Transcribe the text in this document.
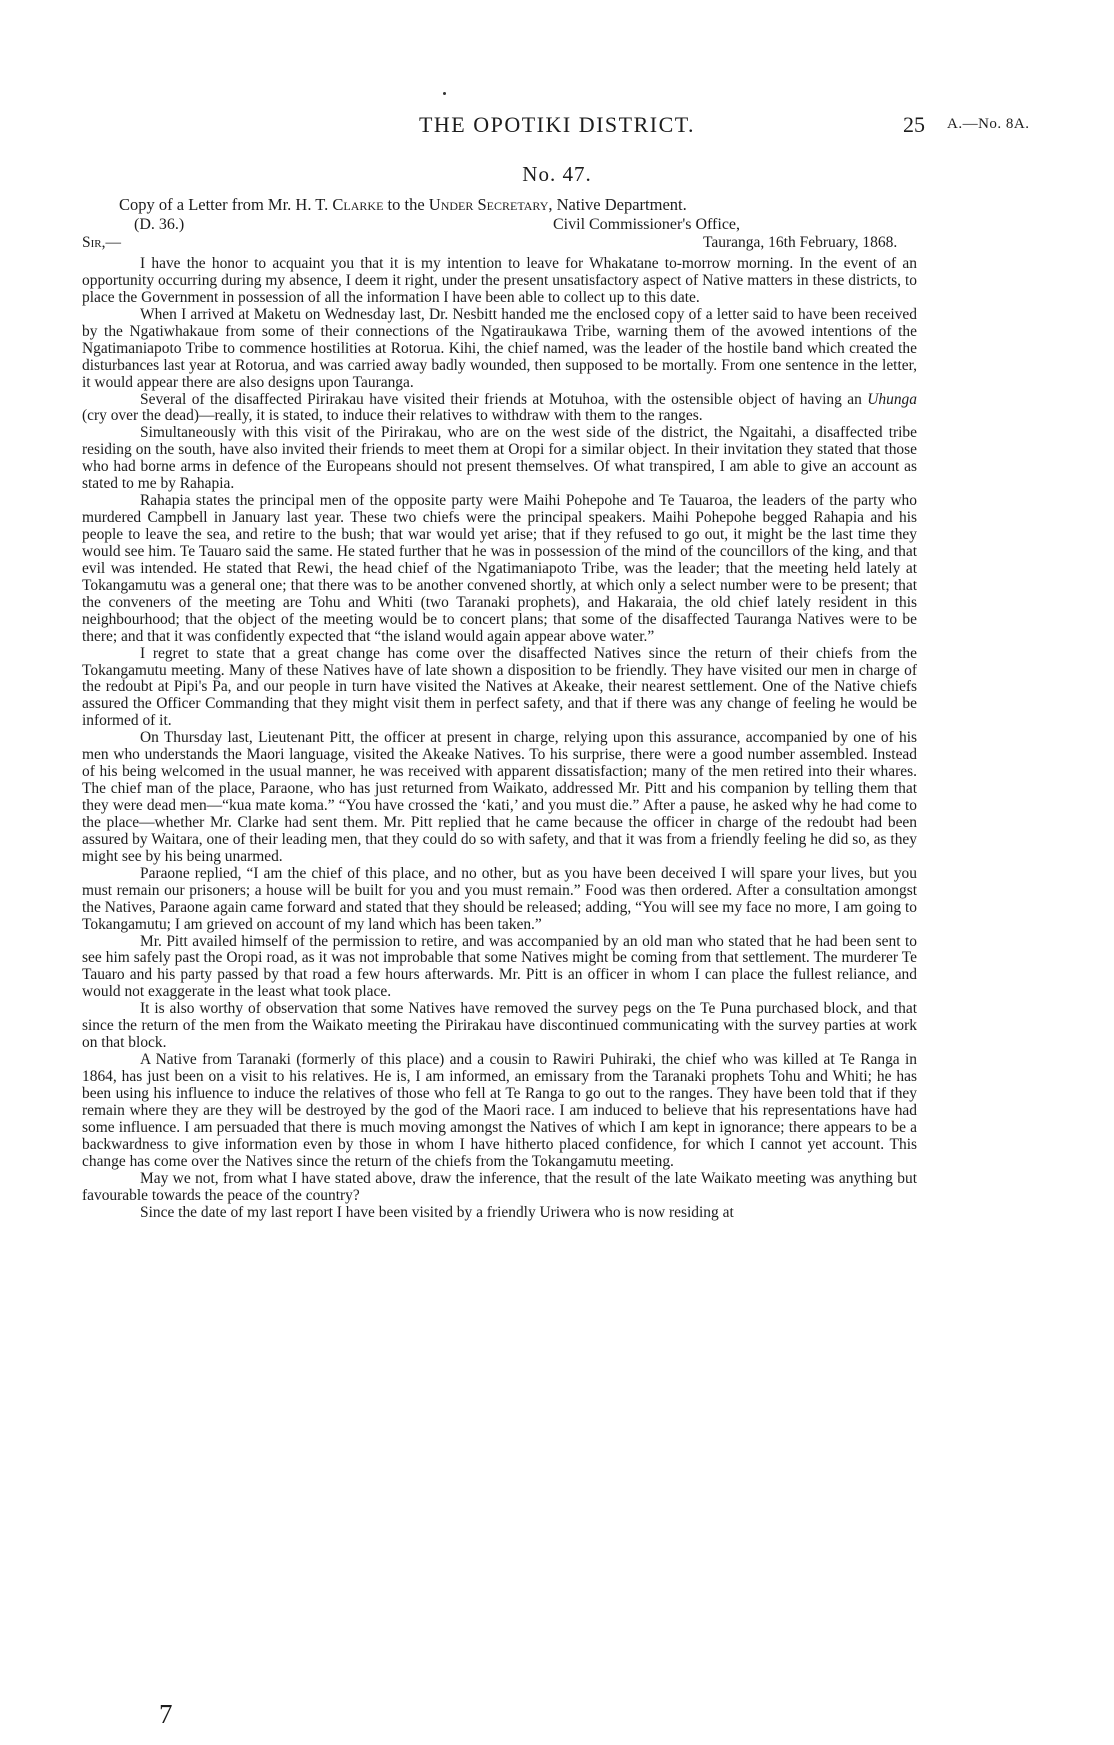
THE OPOTIKI DISTRICT.	25 A.—No. 8A.
No. 47.
Copy of a Letter from Mr. H. T. Clarke to the Under Secretary, Native Department.
(D. 36.)	Civil Commissioner's Office,
Sir,—	Tauranga, 16th February, 1868.

I have the honor to acquaint you that it is my intention to leave for Whakatane to-morrow morning. In the event of an opportunity occurring during my absence, I deem it right, under the present unsatisfactory aspect of Native matters in these districts, to place the Government in possession of all the information I have been able to collect up to this date.

When I arrived at Maketu on Wednesday last, Dr. Nesbitt handed me the enclosed copy of a letter said to have been received by the Ngatiwhakaue from some of their connections of the Ngatiraukawa Tribe, warning them of the avowed intentions of the Ngatimaniapoto Tribe to commence hostilities at Rotorua. Kihi, the chief named, was the leader of the hostile band which created the disturbances last year at Rotorua, and was carried away badly wounded, then supposed to be mortally. From one sentence in the letter, it would appear there are also designs upon Tauranga.

Several of the disaffected Pirirakau have visited their friends at Motuhoa, with the ostensible object of having an Uhunga (cry over the dead)—really, it is stated, to induce their relatives to withdraw with them to the ranges.

Simultaneously with this visit of the Pirirakau, who are on the west side of the district, the Ngaitahi, a disaffected tribe residing on the south, have also invited their friends to meet them at Oropi for a similar object. In their invitation they stated that those who had borne arms in defence of the Europeans should not present themselves. Of what transpired, I am able to give an account as stated to me by Rahapia.

Rahapia states the principal men of the opposite party were Maihi Pohepohe and Te Tauaroa, the leaders of the party who murdered Campbell in January last year. These two chiefs were the principal speakers. Maihi Pohepohe begged Rahapia and his people to leave the sea, and retire to the bush; that war would yet arise; that if they refused to go out, it might be the last time they would see him. Te Tauaro said the same. He stated further that he was in possession of the mind of the councillors of the king, and that evil was intended. He stated that Rewi, the head chief of the Ngatimaniapoto Tribe, was the leader; that the meeting held lately at Tokangamutu was a general one; that there was to be another convened shortly, at which only a select number were to be present; that the conveners of the meeting are Tohu and Whiti (two Taranaki prophets), and Hakaraia, the old chief lately resident in this neighbourhood; that the object of the meeting would be to concert plans; that some of the disaffected Tauranga Natives were to be there; and that it was confidently expected that “the island would again appear above water.”

I regret to state that a great change has come over the disaffected Natives since the return of their chiefs from the Tokangamutu meeting. Many of these Natives have of late shown a disposition to be friendly. They have visited our men in charge of the redoubt at Pipi's Pa, and our people in turn have visited the Natives at Akeake, their nearest settlement. One of the Native chiefs assured the Officer Commanding that they might visit them in perfect safety, and that if there was any change of feeling he would be informed of it.

On Thursday last, Lieutenant Pitt, the officer at present in charge, relying upon this assurance, accompanied by one of his men who understands the Maori language, visited the Akeake Natives. To his surprise, there were a good number assembled. Instead of his being welcomed in the usual manner, he was received with apparent dissatisfaction; many of the men retired into their whares. The chief man of the place, Paraone, who has just returned from Waikato, addressed Mr. Pitt and his companion by telling them that they were dead men—“kua mate koma.” “You have crossed the ‘kati,’ and you must die.” After a pause, he asked why he had come to the place—whether Mr. Clarke had sent them. Mr. Pitt replied that he came because the officer in charge of the redoubt had been assured by Waitara, one of their leading men, that they could do so with safety, and that it was from a friendly feeling he did so, as they might see by his being unarmed.

Paraone replied, “I am the chief of this place, and no other, but as you have been deceived I will spare your lives, but you must remain our prisoners; a house will be built for you and you must remain.” Food was then ordered. After a consultation amongst the Natives, Paraone again came forward and stated that they should be released; adding, “You will see my face no more, I am going to Tokangamutu; I am grieved on account of my land which has been taken.”

Mr. Pitt availed himself of the permission to retire, and was accompanied by an old man who stated that he had been sent to see him safely past the Oropi road, as it was not improbable that some Natives might be coming from that settlement. The murderer Te Tauaro and his party passed by that road a few hours afterwards. Mr. Pitt is an officer in whom I can place the fullest reliance, and would not exaggerate in the least what took place.

It is also worthy of observation that some Natives have removed the survey pegs on the Te Puna purchased block, and that since the return of the men from the Waikato meeting the Pirirakau have discontinued communicating with the survey parties at work on that block.

A Native from Taranaki (formerly of this place) and a cousin to Rawiri Puhiraki, the chief who was killed at Te Ranga in 1864, has just been on a visit to his relatives. He is, I am informed, an emissary from the Taranaki prophets Tohu and Whiti; he has been using his influence to induce the relatives of those who fell at Te Ranga to go out to the ranges. They have been told that if they remain where they are they will be destroyed by the god of the Maori race. I am induced to believe that his representations have had some influence. I am persuaded that there is much moving amongst the Natives of which I am kept in ignorance; there appears to be a backwardness to give information even by those in whom I have hitherto placed confidence, for which I cannot yet account. This change has come over the Natives since the return of the chiefs from the Tokangamutu meeting.

May we not, from what I have stated above, draw the inference, that the result of the late Waikato meeting was anything but favourable towards the peace of the country?

Since the date of my last report I have been visited by a friendly Uriwera who is now residing at

7
